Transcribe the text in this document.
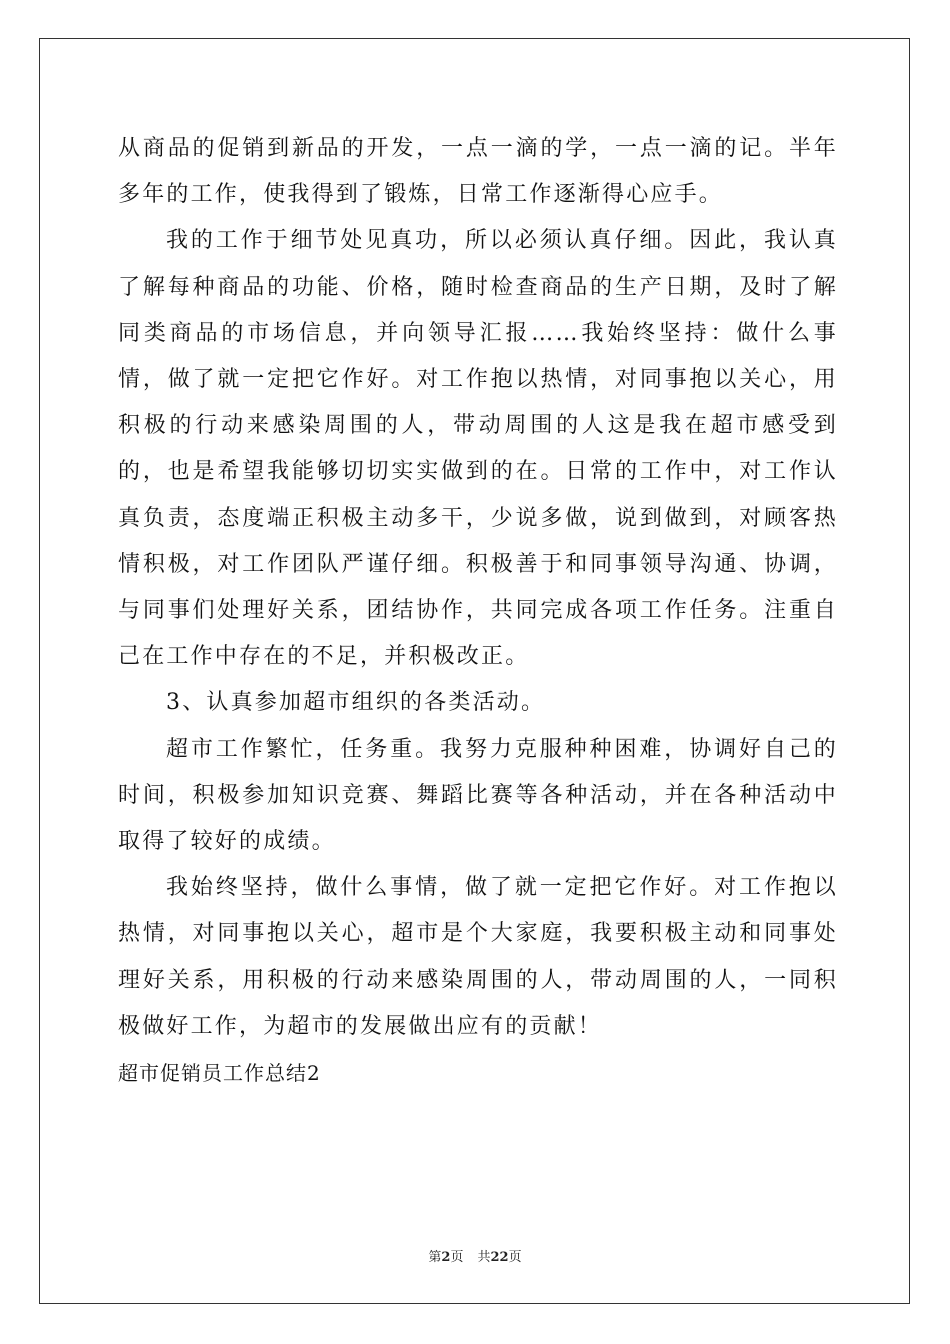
从商品的促销到新品的开发，一点一滴的学，一点一滴的记。半年多年的工作，使我得到了锻炼，日常工作逐渐得心应手。

我的工作于细节处见真功，所以必须认真仔细。因此，我认真了解每种商品的功能、价格，随时检查商品的生产日期，及时了解同类商品的市场信息，并向领导汇报……我始终坚持：做什么事情，做了就一定把它作好。对工作抱以热情，对同事抱以关心，用积极的行动来感染周围的人，带动周围的人这是我在超市感受到的，也是希望我能够切切实实做到的在。日常的工作中，对工作认真负责，态度端正积极主动多干，少说多做，说到做到，对顾客热情积极，对工作团队严谨仔细。积极善于和同事领导沟通、协调，与同事们处理好关系，团结协作，共同完成各项工作任务。注重自己在工作中存在的不足，并积极改正。

3、认真参加超市组织的各类活动。

超市工作繁忙，任务重。我努力克服种种困难，协调好自己的时间，积极参加知识竞赛、舞蹈比赛等各种活动，并在各种活动中取得了较好的成绩。

我始终坚持，做什么事情，做了就一定把它作好。对工作抱以热情，对同事抱以关心，超市是个大家庭，我要积极主动和同事处理好关系，用积极的行动来感染周围的人，带动周围的人，一同积极做好工作，为超市的发展做出应有的贡献！

超市促销员工作总结2

第2页 共22页
